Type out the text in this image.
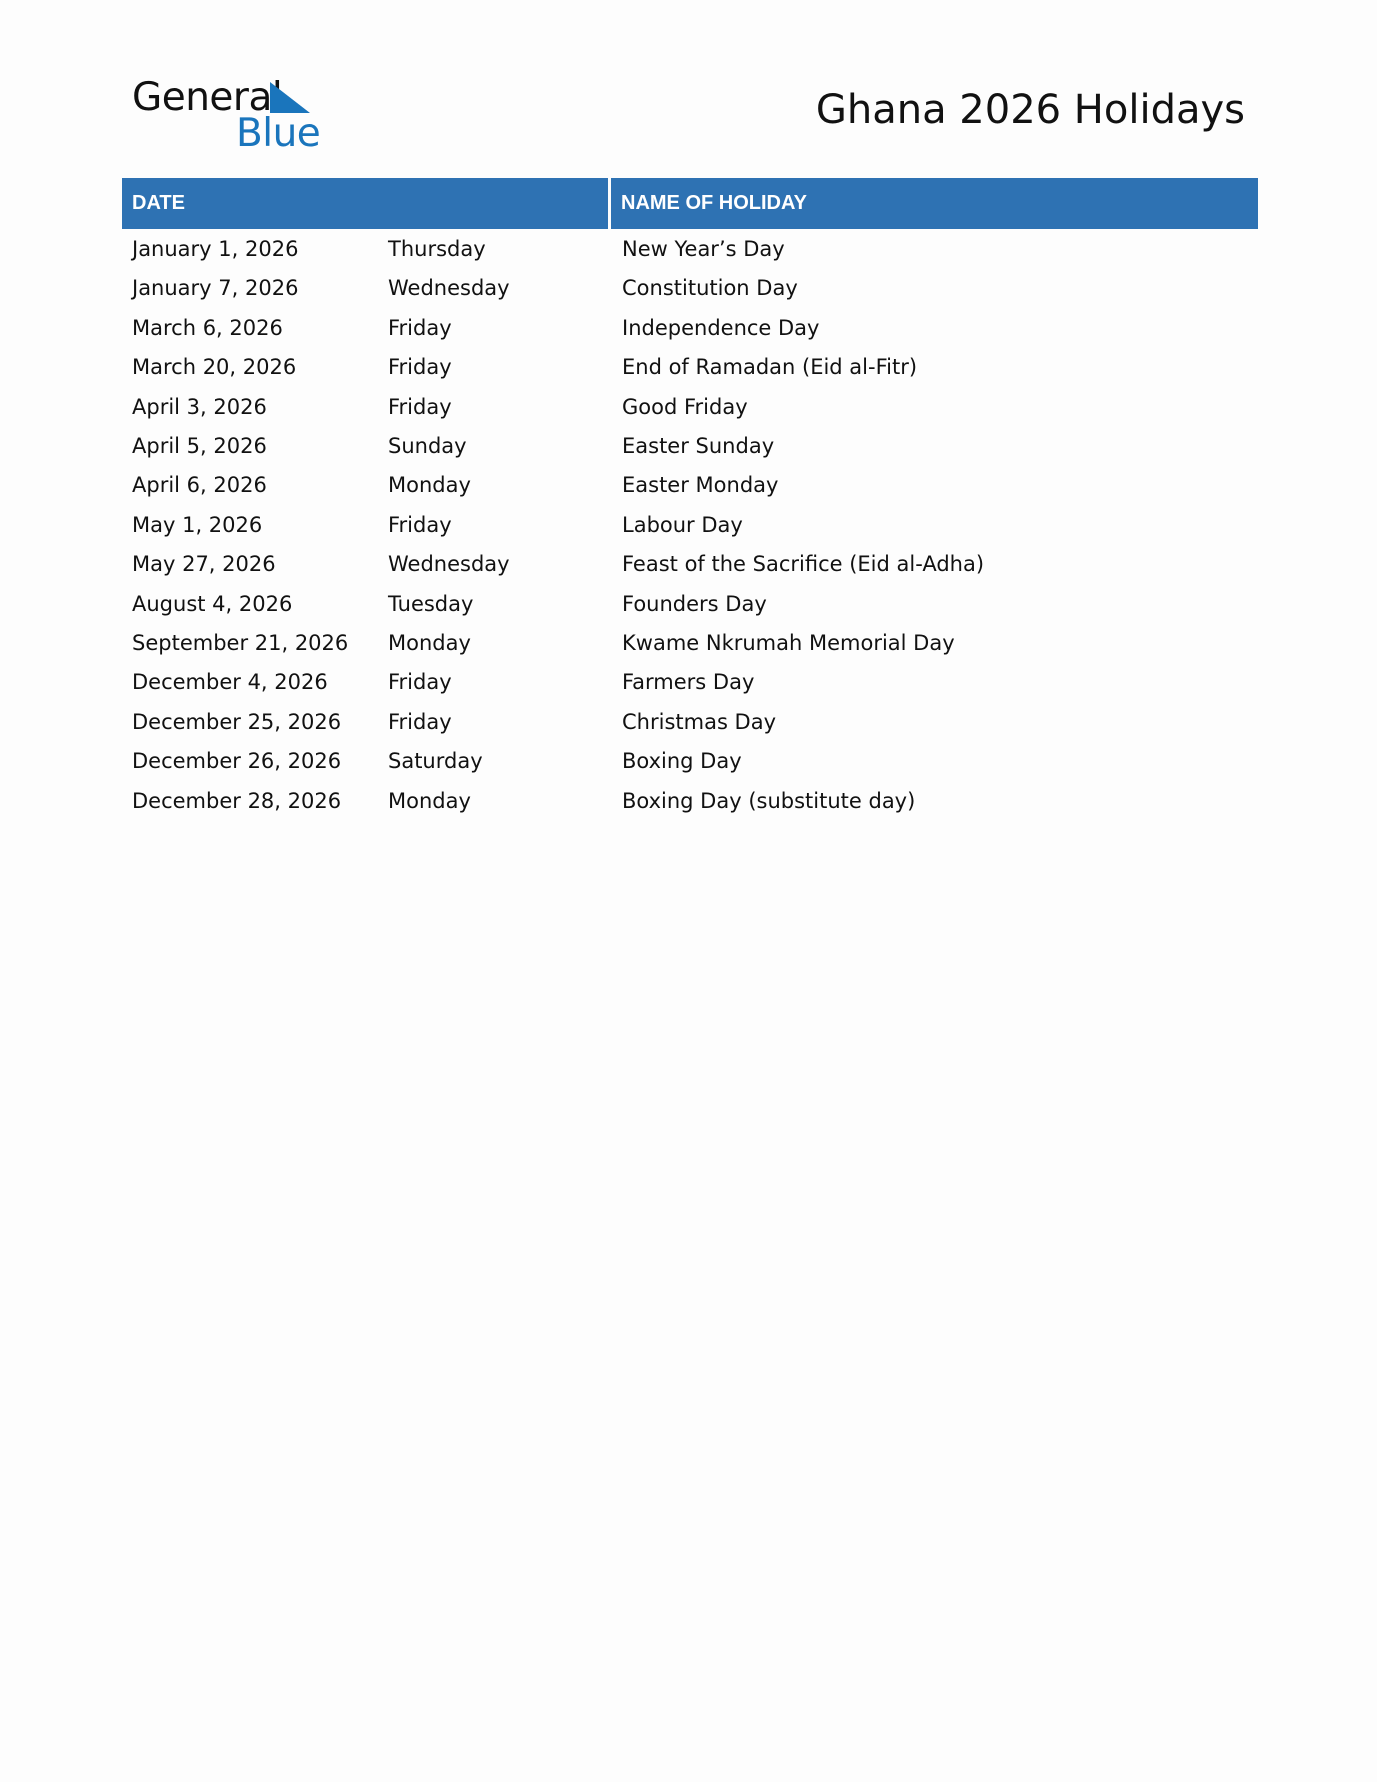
General
Blue
Ghana 2026 Holidays
DATE	NAME OF HOLIDAY
January 1, 2026	Thursday	New Year’s Day
January 7, 2026	Wednesday	Constitution Day
March 6, 2026	Friday	Independence Day
March 20, 2026	Friday	End of Ramadan (Eid al-Fitr)
April 3, 2026	Friday	Good Friday
April 5, 2026	Sunday	Easter Sunday
April 6, 2026	Monday	Easter Monday
May 1, 2026	Friday	Labour Day
May 27, 2026	Wednesday	Feast of the Sacrifice (Eid al-Adha)
August 4, 2026	Tuesday	Founders Day
September 21, 2026 Monday	Kwame Nkrumah Memorial Day
December 4, 2026	Friday	Farmers Day
December 25, 2026 Friday	Christmas Day
December 26, 2026 Saturday	Boxing Day
December 28, 2026 Monday	Boxing Day (substitute day)
